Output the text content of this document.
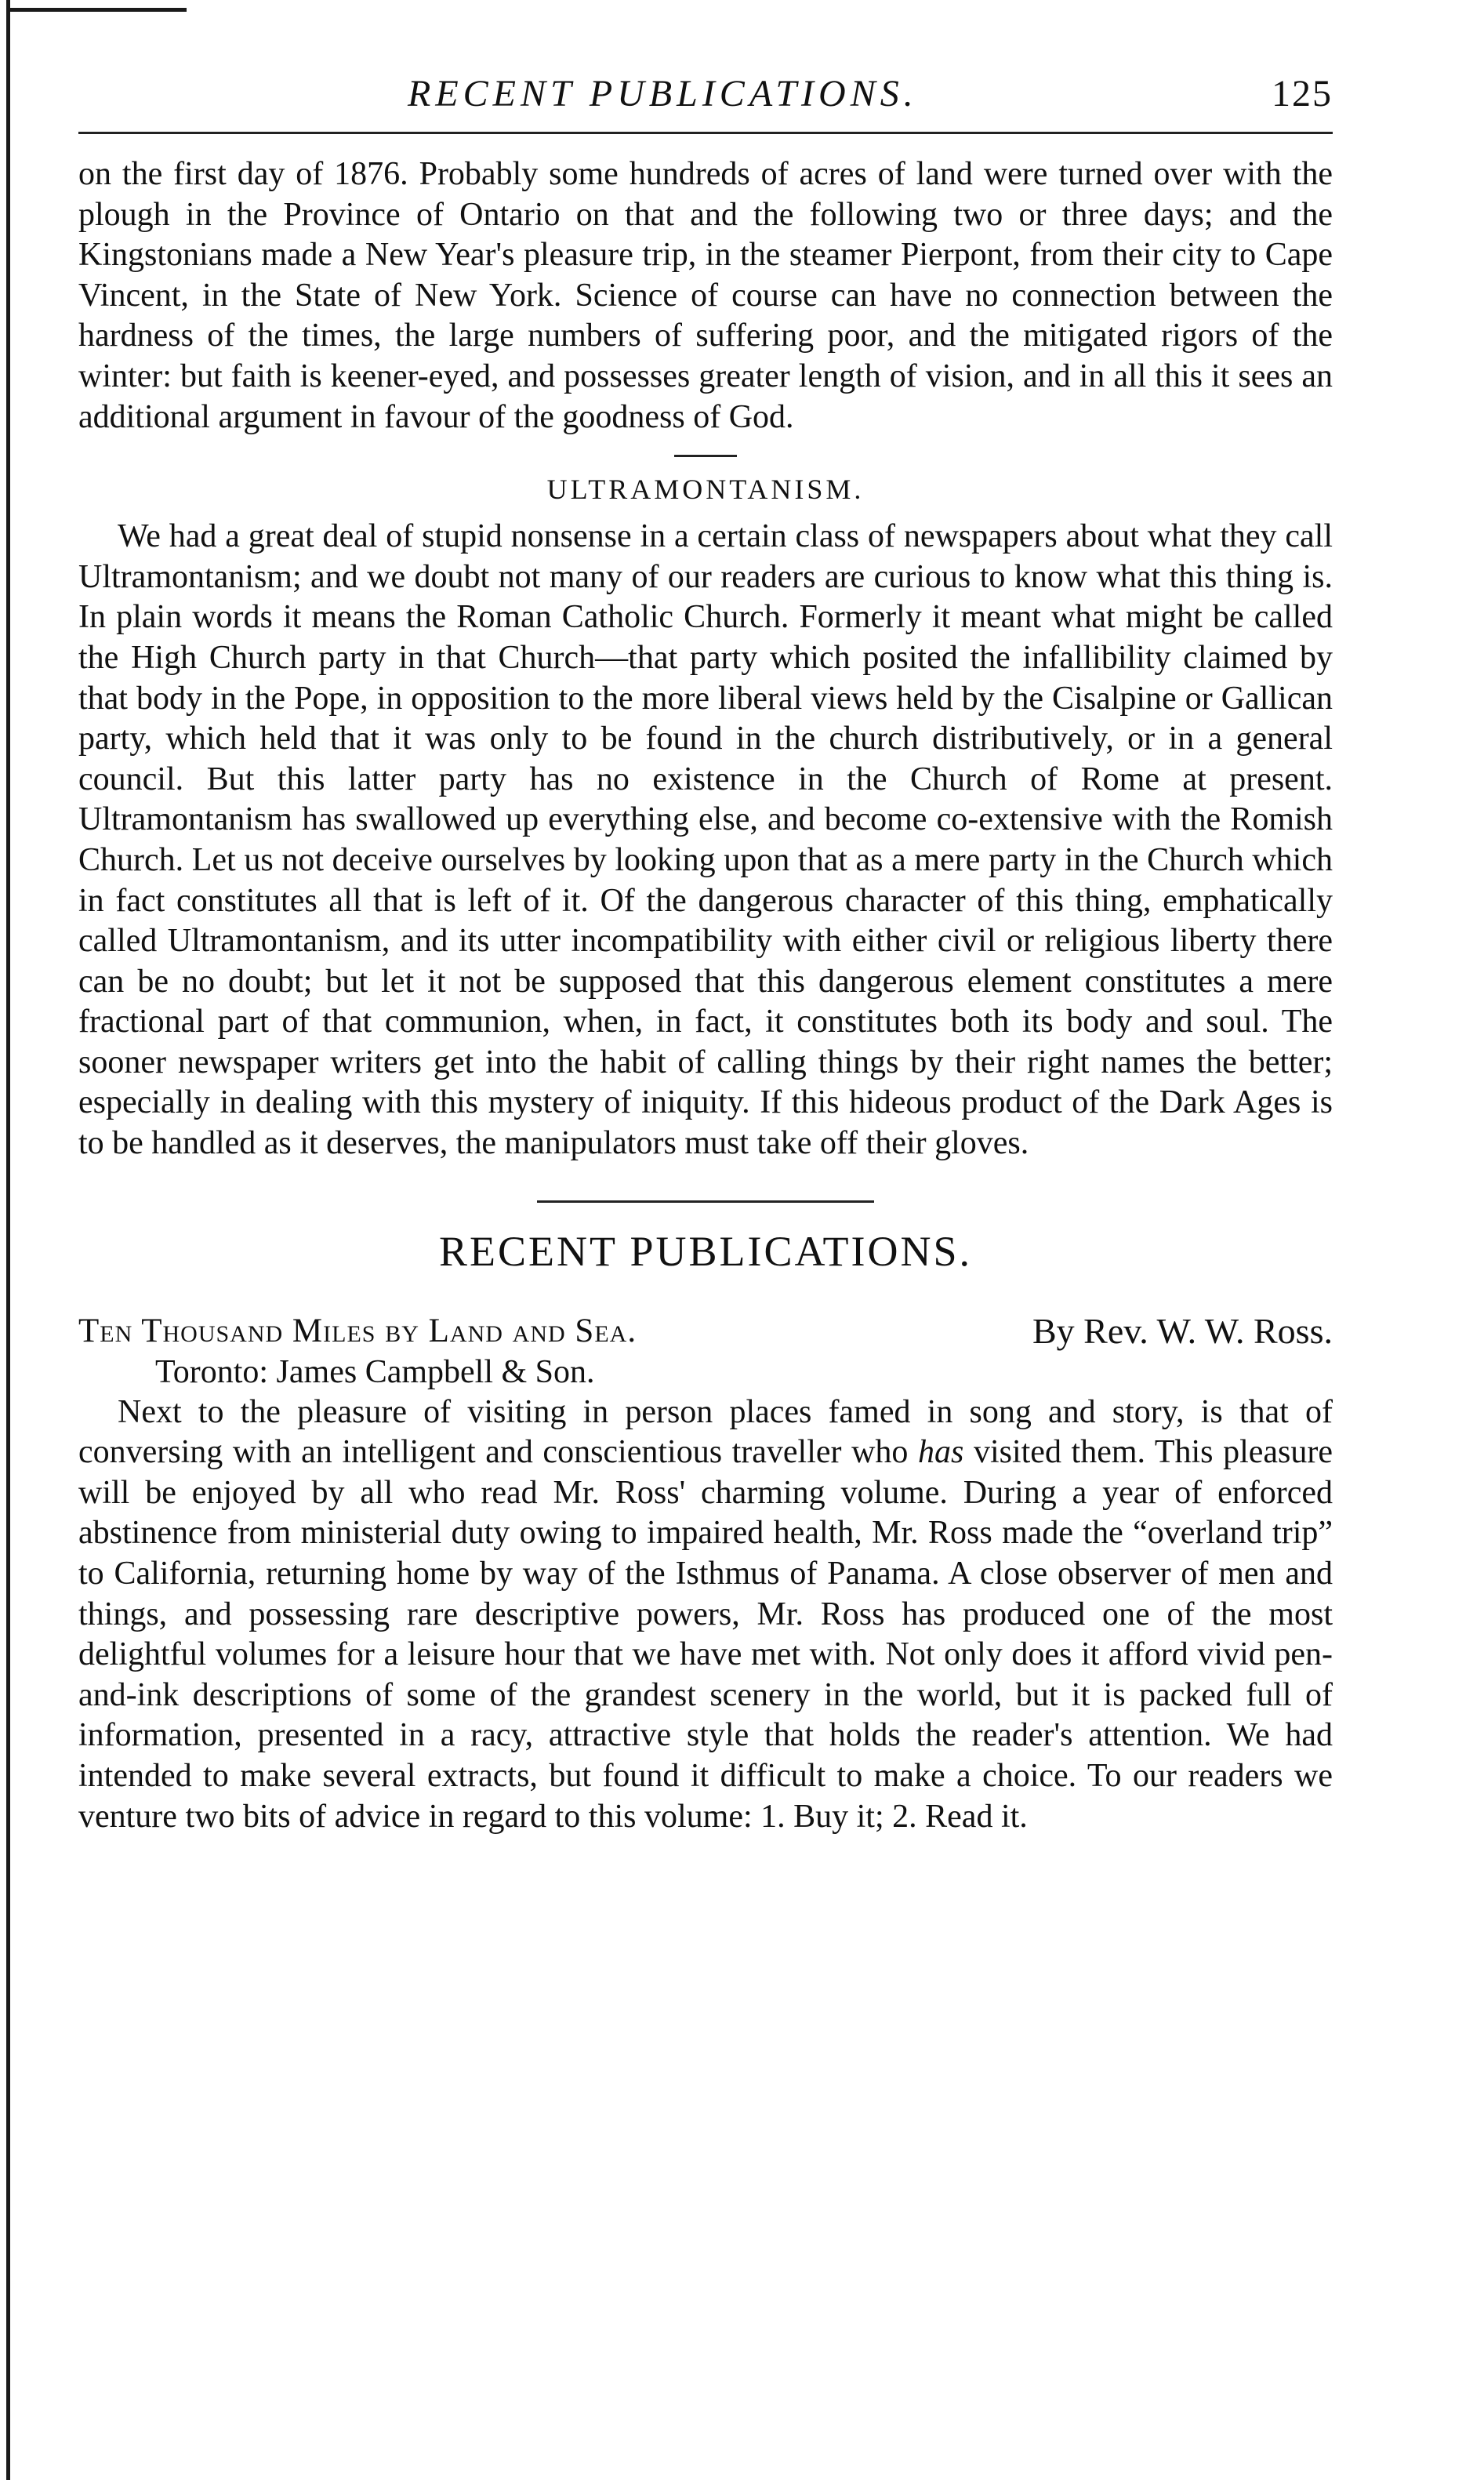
RECENT PUBLICATIONS.	125

on the first day of 1876. Probably some hundreds of acres of land were turned over with the plough in the Province of Ontario on that and the following two or three days; and the Kingstonians made a New Year's pleasure trip, in the steamer Pierpont, from their city to Cape Vincent, in the State of New York. Science of course can have no connection between the hardness of the times, the large numbers of suffering poor, and the mitigated rigors of the winter: but faith is keener-eyed, and possesses greater length of vision, and in all this it sees an additional argument in favour of the goodness of God.

ULTRAMONTANISM.

We had a great deal of stupid nonsense in a certain class of newspapers about what they call Ultramontanism; and we doubt not many of our readers are curious to know what this thing is. In plain words it means the Roman Catholic Church. Formerly it meant what might be called the High Church party in that Church—that party which posited the infallibility claimed by that body in the Pope, in opposition to the more liberal views held by the Cisalpine or Gallican party, which held that it was only to be found in the church distributively, or in a general council. But this latter party has no existence in the Church of Rome at present. Ultramontanism has swallowed up everything else, and become co-extensive with the Romish Church. Let us not deceive ourselves by looking upon that as a mere party in the Church which in fact constitutes all that is left of it. Of the dangerous character of this thing, emphatically called Ultramontanism, and its utter incompatibility with either civil or religious liberty there can be no doubt; but let it not be supposed that this dangerous element constitutes a mere fractional part of that communion, when, in fact, it constitutes both its body and soul. The sooner newspaper writers get into the habit of calling things by their right names the better; especially in dealing with this mystery of iniquity. If this hideous product of the Dark Ages is to be handled as it deserves, the manipulators must take off their gloves.

RECENT PUBLICATIONS.
Ten Thousand Miles by Land and Sea.	By Rev. W. W. Ross.
Toronto: James Campbell & Son.

Next to the pleasure of visiting in person places famed in song and story, is that of conversing with an intelligent and conscientious traveller who has visited them. This pleasure will be enjoyed by all who read Mr. Ross' charming volume. During a year of enforced abstinence from ministerial duty owing to impaired health, Mr. Ross made the “overland trip” to California, returning home by way of the Isthmus of Panama. A close observer of men and things, and possessing rare descriptive powers, Mr. Ross has produced one of the most delightful volumes for a leisure hour that we have met with. Not only does it afford vivid pen-and-ink descriptions of some of the grandest scenery in the world, but it is packed full of information, presented in a racy, attractive style that holds the reader's attention. We had intended to make several extracts, but found it difficult to make a choice. To our readers we venture two bits of advice in regard to this volume: 1. Buy it; 2. Read it.
